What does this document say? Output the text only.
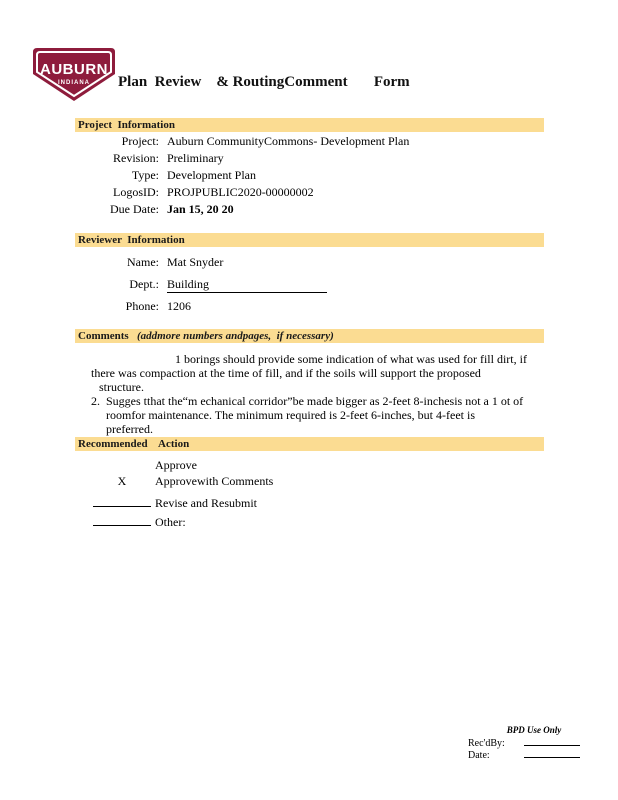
AUBURN
INDIANA Plan  Review    & RoutingComment       Form
Project  Information
Project: Auburn CommunityCommons- Development Plan
Revision: Preliminary
Type: Development Plan
LogosID: PROJPUBLIC2020-00000002
Due Date: Jan 15, 20 20
Reviewer  Information
Name: Mat Snyder
Dept.: Building
Phone: 1206
Comments (addmore numbers andpages,  if necessary)
1 borings should provide some indication of what was used for fill dirt, if
there was compaction at the time of fill, and if the soils will support the proposed
structure.
2. Sugges tthat the“m echanical corridor”be made bigger as 2-feet 8-inchesis not a 1 ot of
roomfor maintenance. The minimum required is 2-feet 6-inches, but 4-feet is
preferred.
Recommended    Action
Approve
X	Approvewith Comments
Revise and Resubmit
Other:
BPD Use Only
Rec'dBy:
Date:
